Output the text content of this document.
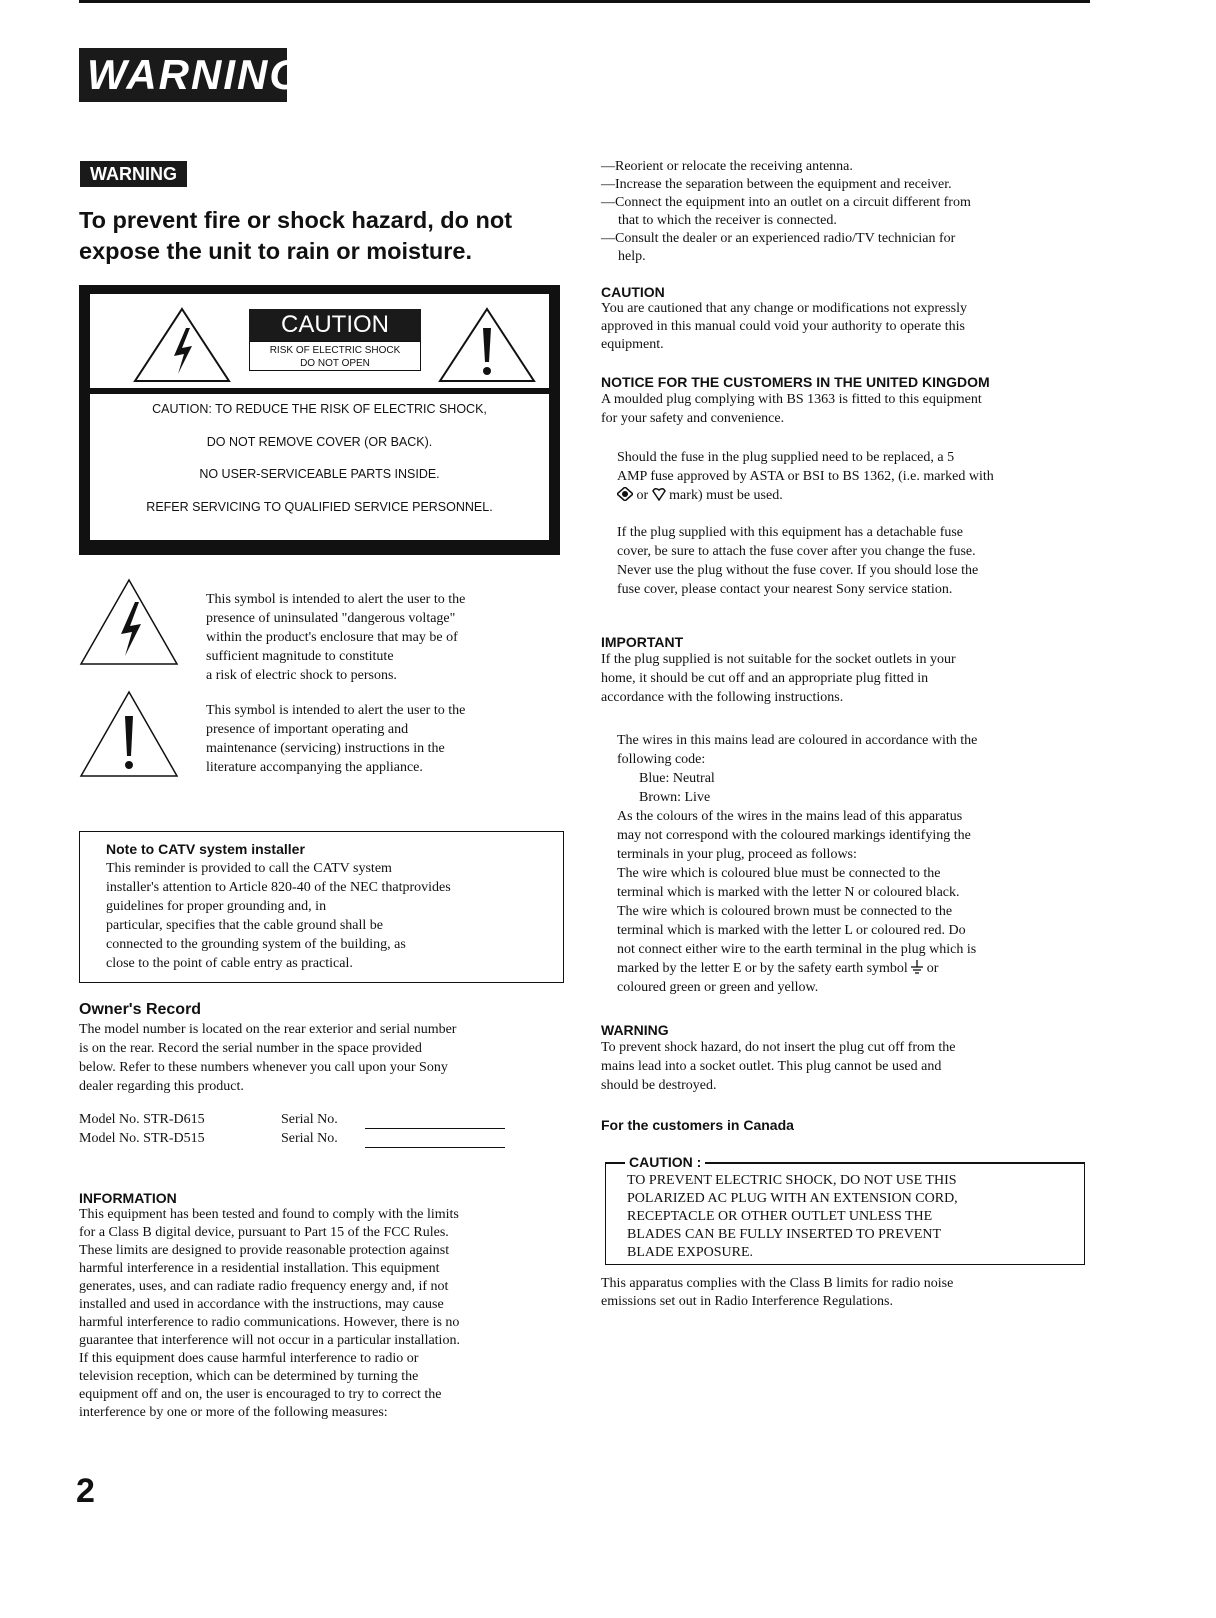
WARNING
WARNING
To prevent fire or shock hazard, do not
expose the unit to rain or moisture.
CAUTION
RISK OF ELECTRIC SHOCK
DO NOT OPEN
CAUTION: TO REDUCE THE RISK OF ELECTRIC SHOCK,
DO NOT REMOVE COVER (OR BACK).
NO USER-SERVICEABLE PARTS INSIDE.
REFER SERVICING TO QUALIFIED SERVICE PERSONNEL.
This symbol is intended to alert the user to the
presence of uninsulated "dangerous voltage"
within the product's enclosure that may be of
sufficient magnitude to constitute
a risk of electric shock to persons.
This symbol is intended to alert the user to the
presence of important operating and
maintenance (servicing) instructions in the
literature accompanying the appliance.
Note to CATV system installer
This reminder is provided to call the CATV system
installer's attention to Article 820-40 of the NEC thatprovides
guidelines for proper grounding and, in
particular, specifies that the cable ground shall be
connected to the grounding system of the building, as
close to the point of cable entry as practical.
Owner's Record
The model number is located on the rear exterior and serial number
is on the rear. Record the serial number in the space provided
below. Refer to these numbers whenever you call upon your Sony
dealer regarding this product.
Model No. STR-D615	Serial No.
Model No. STR-D515	Serial No.
INFORMATION
This equipment has been tested and found to comply with the limits
for a Class B digital device, pursuant to Part 15 of the FCC Rules.
These limits are designed to provide reasonable protection against
harmful interference in a residential installation. This equipment
generates, uses, and can radiate radio frequency energy and, if not
installed and used in accordance with the instructions, may cause
harmful interference to radio communications. However, there is no
guarantee that interference will not occur in a particular installation.
If this equipment does cause harmful interference to radio or
television reception, which can be determined by turning the
equipment off and on, the user is encouraged to try to correct the
interference by one or more of the following measures:
2
—Reorient or relocate the receiving antenna.
—Increase the separation between the equipment and receiver.
—Connect the equipment into an outlet on a circuit different from
that to which the receiver is connected.
—Consult the dealer or an experienced radio/TV technician for
help.
CAUTION
You are cautioned that any change or modifications not expressly
approved in this manual could void your authority to operate this
equipment.
NOTICE FOR THE CUSTOMERS IN THE UNITED KINGDOM
A moulded plug complying with BS 1363 is fitted to this equipment
for your safety and convenience.
Should the fuse in the plug supplied need to be replaced, a 5
AMP fuse approved by ASTA or BSI to BS 1362, (i.e. marked with
or mark) must be used.
If the plug supplied with this equipment has a detachable fuse
cover, be sure to attach the fuse cover after you change the fuse.
Never use the plug without the fuse cover. If you should lose the
fuse cover, please contact your nearest Sony service station.
IMPORTANT
If the plug supplied is not suitable for the socket outlets in your
home, it should be cut off and an appropriate plug fitted in
accordance with the following instructions.
The wires in this mains lead are coloured in accordance with the
following code:
Blue: Neutral
Brown: Live
As the colours of the wires in the mains lead of this apparatus
may not correspond with the coloured markings identifying the
terminals in your plug, proceed as follows:
The wire which is coloured blue must be connected to the
terminal which is marked with the letter N or coloured black.
The wire which is coloured brown must be connected to the
terminal which is marked with the letter L or coloured red. Do
not connect either wire to the earth terminal in the plug which is
marked by the letter E or by the safety earth symbol or
coloured green or green and yellow.
WARNING
To prevent shock hazard, do not insert the plug cut off from the
mains lead into a socket outlet. This plug cannot be used and
should be destroyed.
For the customers in Canada
CAUTION :
TO PREVENT ELECTRIC SHOCK, DO NOT USE THIS
POLARIZED AC PLUG WITH AN EXTENSION CORD,
RECEPTACLE OR OTHER OUTLET UNLESS THE
BLADES CAN BE FULLY INSERTED TO PREVENT
BLADE EXPOSURE.
This apparatus complies with the Class B limits for radio noise
emissions set out in Radio Interference Regulations.
